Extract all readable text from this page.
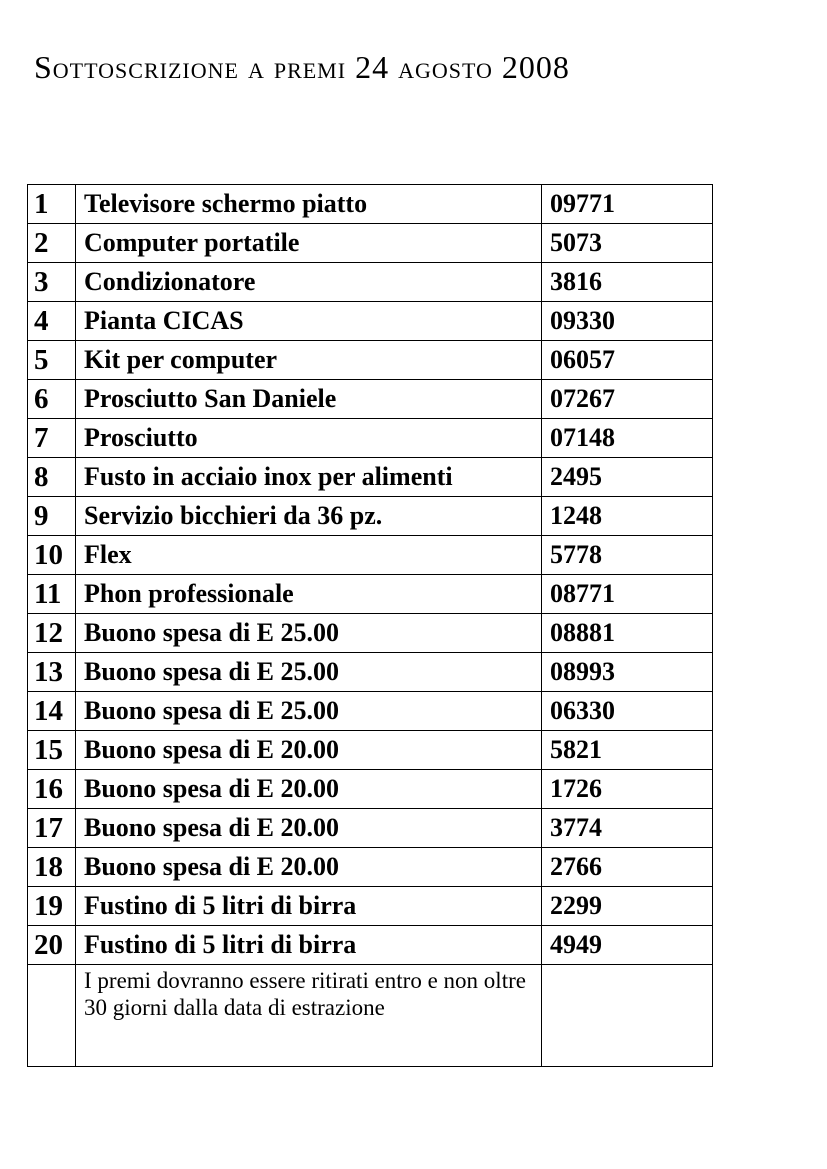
Sottoscrizione a premi 24 agosto 2008
1	Televisore schermo piatto	09771
2	Computer portatile	5073
3	Condizionatore	3816
4	Pianta CICAS	09330
5	Kit per computer	06057
6	Prosciutto San Daniele	07267
7	Prosciutto	07148
8	Fusto in acciaio inox per alimenti	2495
9	Servizio bicchieri da 36 pz.	1248
10	Flex	5778
11	Phon professionale	08771
12	Buono spesa di E 25.00	08881
13	Buono spesa di E 25.00	08993
14	Buono spesa di E 25.00	06330
15	Buono spesa di E 20.00	5821
16	Buono spesa di E 20.00	1726
17	Buono spesa di E 20.00	3774
18	Buono spesa di E 20.00	2766
19	Fustino di 5 litri di birra	2299
20	Fustino di 5 litri di birra	4949
	I premi dovranno essere ritirati entro e non oltre 30 giorni dalla data di estrazione	
